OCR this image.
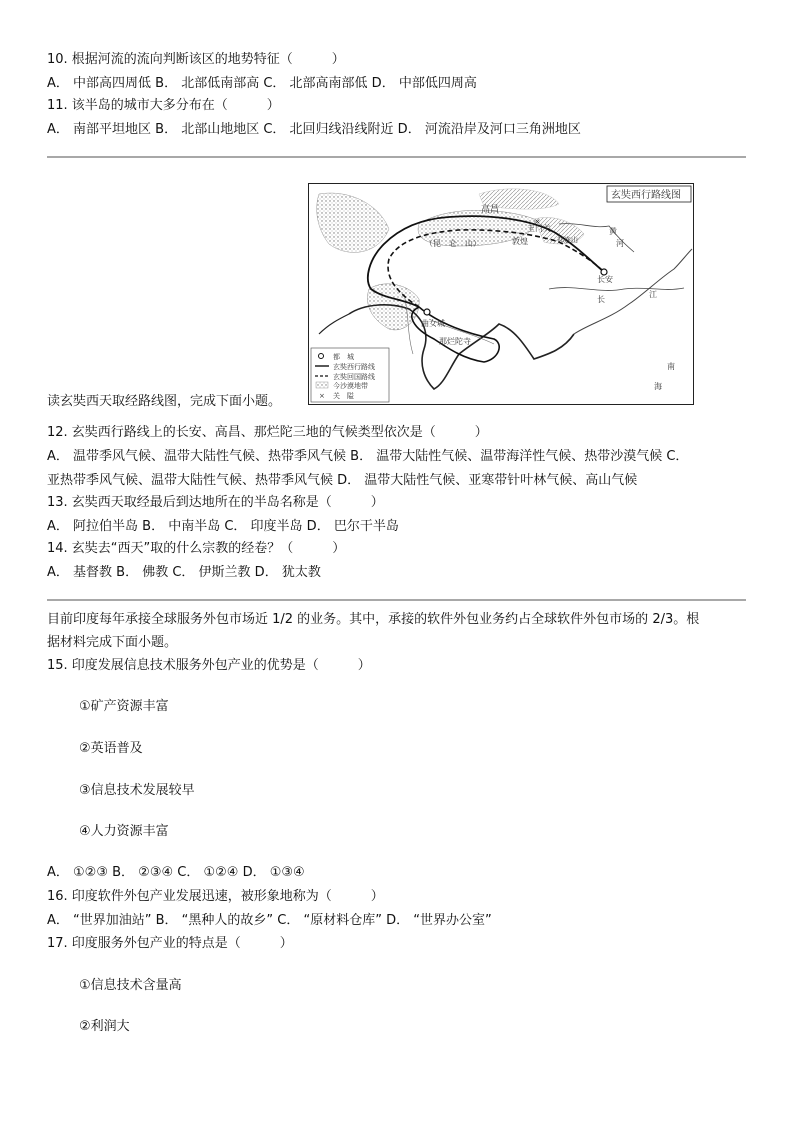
10. 根据河流的流向判断该区的地势特征（　　　）
A． 中部高四周低 B． 北部低南部高 C． 北部高南部低 D． 中部低四周高
11. 该半岛的城市大多分布在（　　　）
A． 南部平坦地区 B． 北部山地地区 C． 北回归线沿线附近 D． 河流沿岸及河口三角洲地区
×
玄奘西行路线图
高昌
玉门关
敦煌
（昆　仑　山）	祁连山
长安
黄
河
长
江
曲女城
那烂陀寺
南
海
都　城
玄奘西行路线
玄奘回国路线
今沙漠地带
× 关　隘
读玄奘西天取经路线图，完成下面小题。
12. 玄奘西行路线上的长安、高昌、那烂陀三地的气候类型依次是（　　　）
A． 温带季风气候、温带大陆性气候、热带季风气候 B． 温带大陆性气候、温带海洋性气候、热带沙漠气候 C．
亚热带季风气候、温带大陆性气候、热带季风气候 D． 温带大陆性气候、亚寒带针叶林气候、高山气候
13. 玄奘西天取经最后到达地所在的半岛名称是（　　　）
A． 阿拉伯半岛 B． 中南半岛 C． 印度半岛 D． 巴尔干半岛
14. 玄奘去“西天”取的什么宗教的经卷？（　　　）
A． 基督教 B． 佛教 C． 伊斯兰教 D． 犹太教
目前印度每年承接全球服务外包市场近 1/2 的业务。其中，承接的软件外包业务约占全球软件外包市场的 2/3。根
据材料完成下面小题。
15. 印度发展信息技术服务外包产业的优势是（　　　）
①矿产资源丰富
②英语普及
③信息技术发展较早
④人力资源丰富
A． ①②③ B． ②③④ C． ①②④ D． ①③④
16. 印度软件外包产业发展迅速，被形象地称为（　　　）
A． “世界加油站” B． “黑种人的故乡” C． “原材料仓库” D． “世界办公室”
17. 印度服务外包产业的特点是（　　　）
①信息技术含量高
②利润大
